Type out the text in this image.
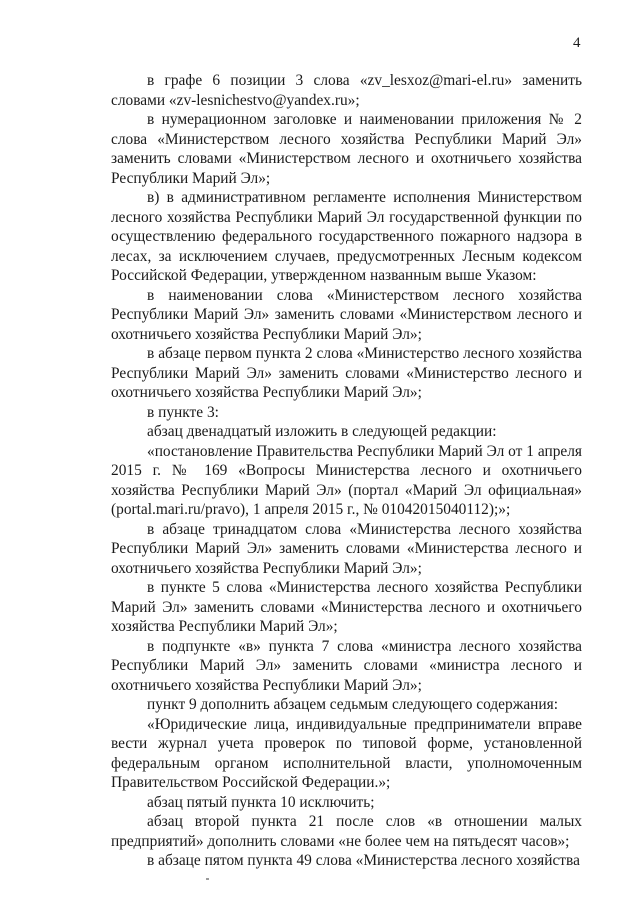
4

в графе 6 позиции 3 слова «zv_lesxoz@mari-el.ru» заменить словами «zv-lesnichestvo@yandex.ru»;

в нумерационном заголовке и наименовании приложения № 2 слова «Министерством лесного хозяйства Республики Марий Эл» заменить словами «Министерством лесного и охотничьего хозяйства Республики Марий Эл»;

в) в административном регламенте исполнения Министерством лесного хозяйства Республики Марий Эл государственной функции по осуществлению федерального государственного пожарного надзора в лесах, за исключением случаев, предусмотренных Лесным кодексом Российской Федерации, утвержденном названным выше Указом:

в наименовании слова «Министерством лесного хозяйства Республики Марий Эл» заменить словами «Министерством лесного и охотничьего хозяйства Республики Марий Эл»;

в абзаце первом пункта 2 слова «Министерство лесного хозяйства Республики Марий Эл» заменить словами «Министерство лесного и охотничьего хозяйства Республики Марий Эл»;

в пункте 3:

абзац двенадцатый изложить в следующей редакции:

«постановление Правительства Республики Марий Эл от 1 апреля 2015 г. № 169 «Вопросы Министерства лесного и охотничьего хозяйства Республики Марий Эл» (портал «Марий Эл официальная» (portal.mari.ru/pravo), 1 апреля 2015 г., № 01042015040112);»;

в абзаце тринадцатом слова «Министерства лесного хозяйства Республики Марий Эл» заменить словами «Министерства лесного и охотничьего хозяйства Республики Марий Эл»;

в пункте 5 слова «Министерства лесного хозяйства Республики Марий Эл» заменить словами «Министерства лесного и охотничьего хозяйства Республики Марий Эл»;

в подпункте «в» пункта 7 слова «министра лесного хозяйства Республики Марий Эл» заменить словами «министра лесного и охотничьего хозяйства Республики Марий Эл»;

пункт 9 дополнить абзацем седьмым следующего содержания:

«Юридические лица, индивидуальные предприниматели вправе вести журнал учета проверок по типовой форме, установленной федеральным органом исполнительной власти, уполномоченным Правительством Российской Федерации.»;

абзац пятый пункта 10 исключить;

абзац второй пункта 21 после слов «в отношении малых предприятий» дополнить словами «не более чем на пятьдесят часов»;

в абзаце пятом пункта 49 слова «Министерства лесного хозяйства
